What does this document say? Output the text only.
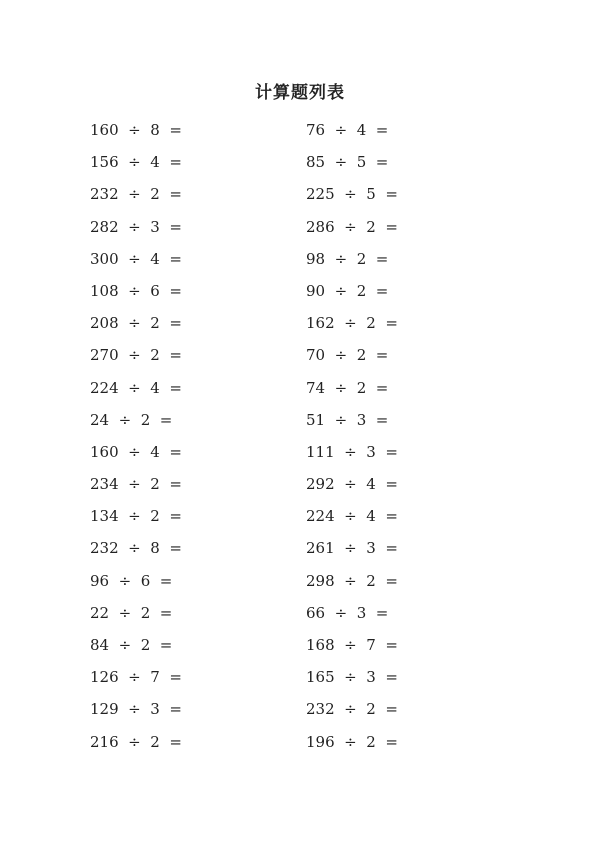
计算题列表
160  ÷  8  =
156  ÷  4  =
232  ÷  2  =
282  ÷  3  =
300  ÷  4  =
108  ÷  6  =
208  ÷  2  =
270  ÷  2  =
224  ÷  4  =
24  ÷  2  =
160  ÷  4  =
234  ÷  2  =
134  ÷  2  =
232  ÷  8  =
96  ÷  6  =
22  ÷  2  =
84  ÷  2  =
126  ÷  7  =
129  ÷  3  =
216  ÷  2  =
76  ÷  4  =
85  ÷  5  =
225  ÷  5  =
286  ÷  2  =
98  ÷  2  =
90  ÷  2  =
162  ÷  2  =
70  ÷  2  =
74  ÷  2  =
51  ÷  3  =
111  ÷  3  =
292  ÷  4  =
224  ÷  4  =
261  ÷  3  =
298  ÷  2  =
66  ÷  3  =
168  ÷  7  =
165  ÷  3  =
232  ÷  2  =
196  ÷  2  =
